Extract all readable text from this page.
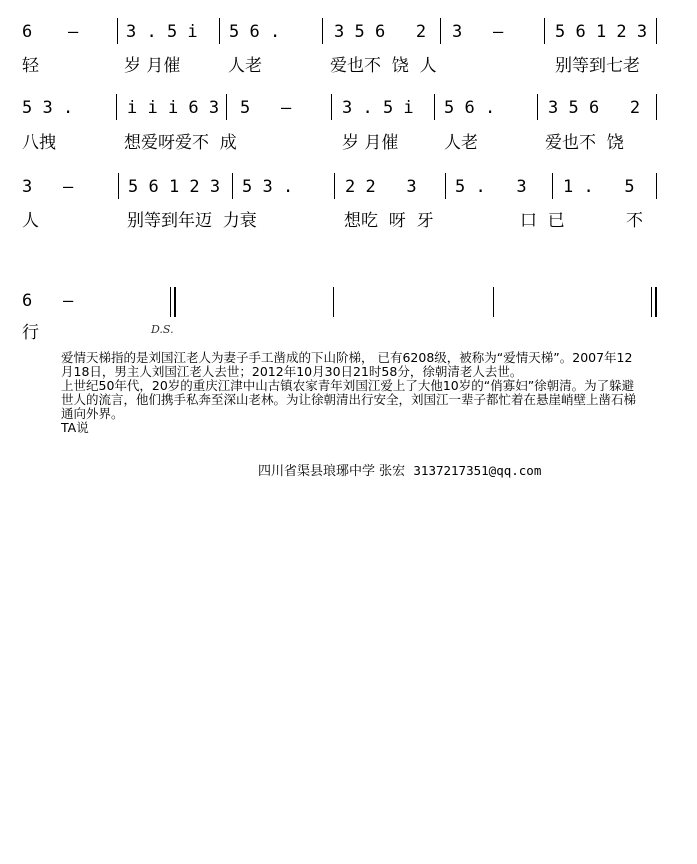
6 –	3 . 5 i 5 6 .	3 5 6   2 3   –	5 6 1 2 3
轻	岁 月催	人老	爱也不  饶  人	别等到七老
5 3 .	i i i 6 3 5   –	3 . 5 i 5 6 .	3 5 6   2
八拽	想爱呀爱不  成	岁 月催	人老	爱也不  饶
3   –	5 6 1 2 3 5 3 .	2 2   3 5 .   3 1 .   5
人	别等到年迈  力衰	想吃  呀  牙	口  已	不
6   –
行	D.S.

爱情天梯指的是刘国江老人为妻子手工凿成的下山阶梯， 已有6208级，被称为“爱情天梯”。2007年12月18日，男主人刘国江老人去世；2012年10月30日21时58分，徐朝清老人去世。

上世纪50年代，20岁的重庆江津中山古镇农家青年刘国江爱上了大他10岁的“俏寡妇”徐朝清。为了躲避世人的流言，他们携手私奔至深山老林。为让徐朝清出行安全，刘国江一辈子都忙着在悬崖峭壁上凿石梯通向外界。

TA说

四川省渠县琅琊中学 张宏 3137217351@qq.com
